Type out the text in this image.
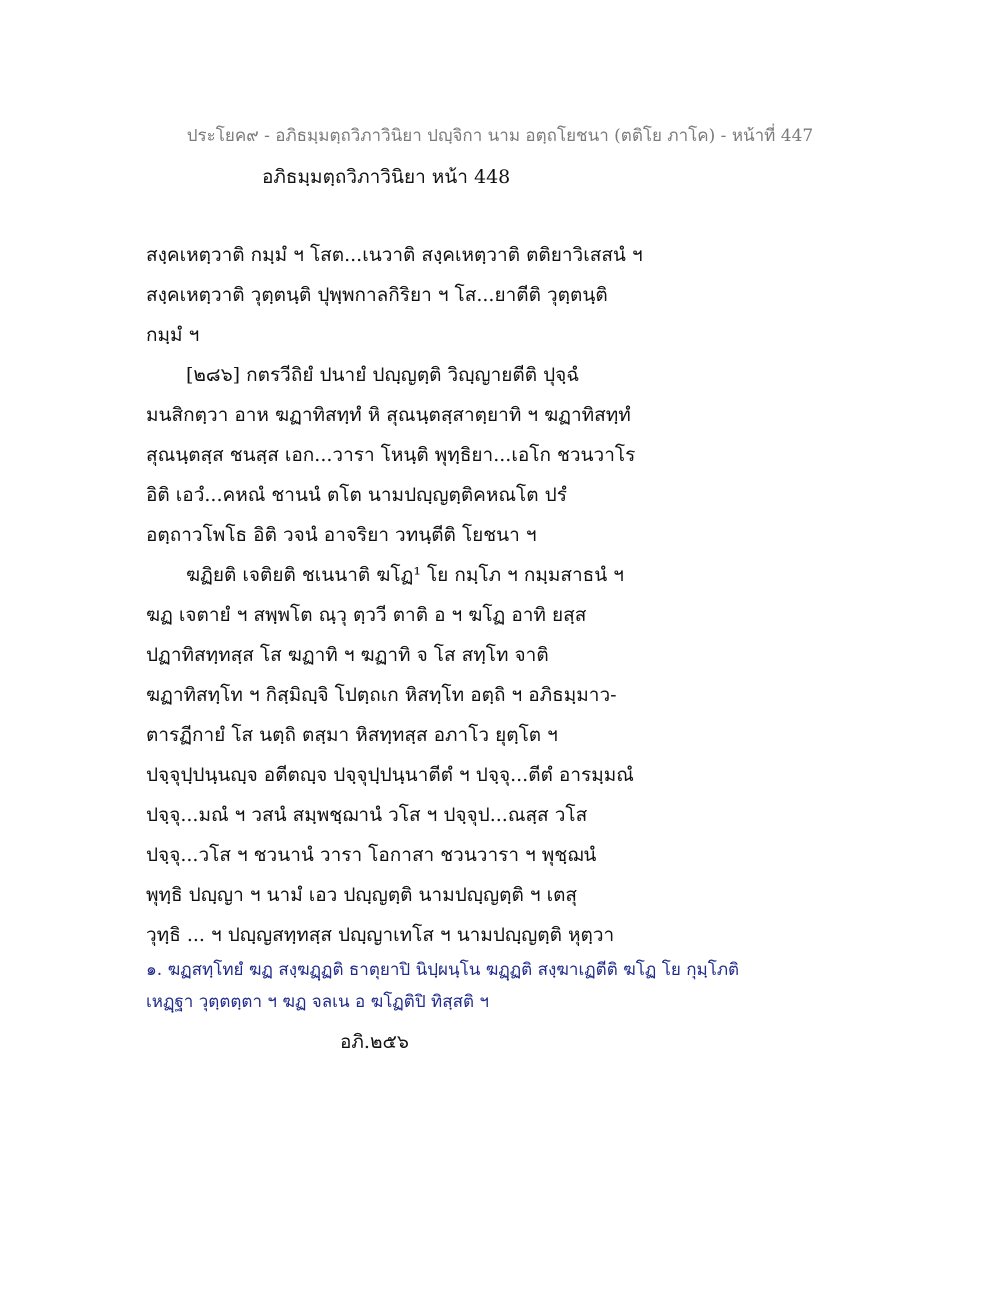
ประโยค๙ - อภิธมฺมตฺถวิภาวินิยา ปญฺจิกา นาม อตฺถโยชนา (ตติโย ภาโค) - หน้าที่ 447
อภิธมฺมตฺถวิภาวินิยา หน้า 448
สงฺคเหตฺวาติ กมฺมํ ฯ โสต...เนวาติ สงฺคเหตฺวาติ ตติยาวิเสสนํ ฯ
สงฺคเหตฺวาติ วุตฺตนฺติ ปุพฺพกาลกิริยา ฯ โส...ยาตีติ วุตฺตนฺติ
กมฺมํ ฯ
[๒๘๖] กตรวีถิยํ ปนายํ ปญฺญตฺติ วิญฺญายตีติ ปุจฺฉํ
มนสิกตฺวา อาห ฆฏาทิสทฺทํ หิ สุณนฺตสฺสาตฺยาทิ ฯ ฆฏาทิสทฺทํ
สุณนฺตสฺส ชนสฺส เอก...วารา โหนฺติ พุทฺธิยา...เอโก ชวนวาโร
อิติ เอวํ...คหณํ ชานนํ ตโต นามปญฺญตฺติคหณโต ปรํ
อตฺถาวโพโธ อิติ วจนํ อาจริยา วทนฺตีติ โยชนา ฯ
ฆฏิยติ เจติยติ ชเนนาติ ฆโฏ¹ โย กมฺโภ ฯ กมฺมสาธนํ ฯ
ฆฏ เจตายํ ฯ สพฺพโต ณฺวุ ตฺววี ตาติ อ ฯ ฆโฏ อาทิ ยสฺส
ปฏาทิสทฺทสฺส โส ฆฏาทิ ฯ ฆฏาทิ จ โส สทฺโท จาติ
ฆฏาทิสทฺโท ฯ กิสฺมิญฺจิ โปตฺถเก หิสทฺโท อตฺถิ ฯ อภิธมฺมาว-
ตารฏีกายํ โส นตฺถิ ตสฺมา หิสทฺทสฺส อภาโว ยุตฺโต ฯ
ปจฺจุปฺปนฺนญฺจ อตีตญฺจ ปจฺจุปฺปนฺนาตีตํ ฯ ปจฺจุ...ตีตํ อารมฺมณํ
ปจฺจุ...มณํ ฯ วสนํ สมฺพชฺฌานํ วโส ฯ ปจฺจุป...ณสฺส วโส
ปจฺจุ...วโส ฯ ชวนานํ วารา โอกาสา ชวนวารา ฯ พุชฺฌนํ
พุทฺธิ ปญฺญา ฯ นามํ เอว ปญฺญตฺติ นามปญฺญตฺติ ฯ เตสุ
วุทฺธิ ... ฯ ปญฺญสทฺทสฺส ปญฺญาเทโส ฯ นามปญฺญตฺติ หุตฺวา
๑. ฆฏสทฺโทยํ ฆฏ สงฺฆฏฺฏติ ธาตุยาปิ นิปฺผนฺโน ฆฏฺฏติ สงฺฆาเฏตีติ ฆโฏ โย กุมฺโภติ
เหฏฺฐา วุตฺตตฺตา ฯ ฆฏ จลเน อ ฆโฏติปิ ทิสฺสติ ฯ
อภิ.๒๕๖
